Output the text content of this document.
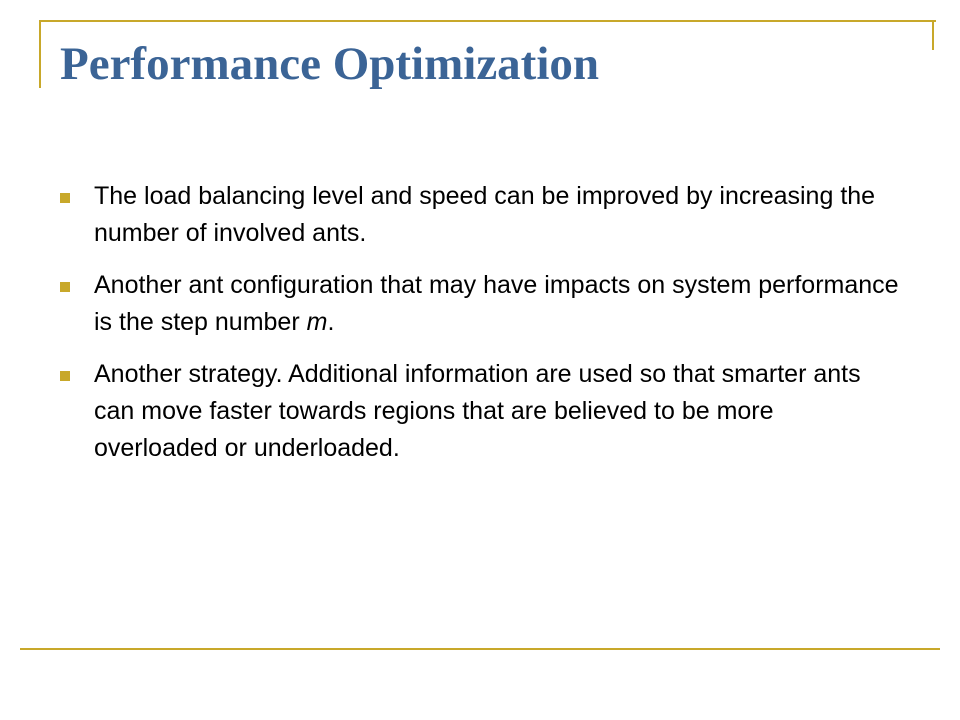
Performance Optimization
The load balancing level and speed can be improved by increasing the number of involved ants.
Another ant configuration that may have impacts on system performance is the step number m.
Another strategy. Additional information are used so that smarter ants can move faster towards regions that are believed to be more overloaded or underloaded.
